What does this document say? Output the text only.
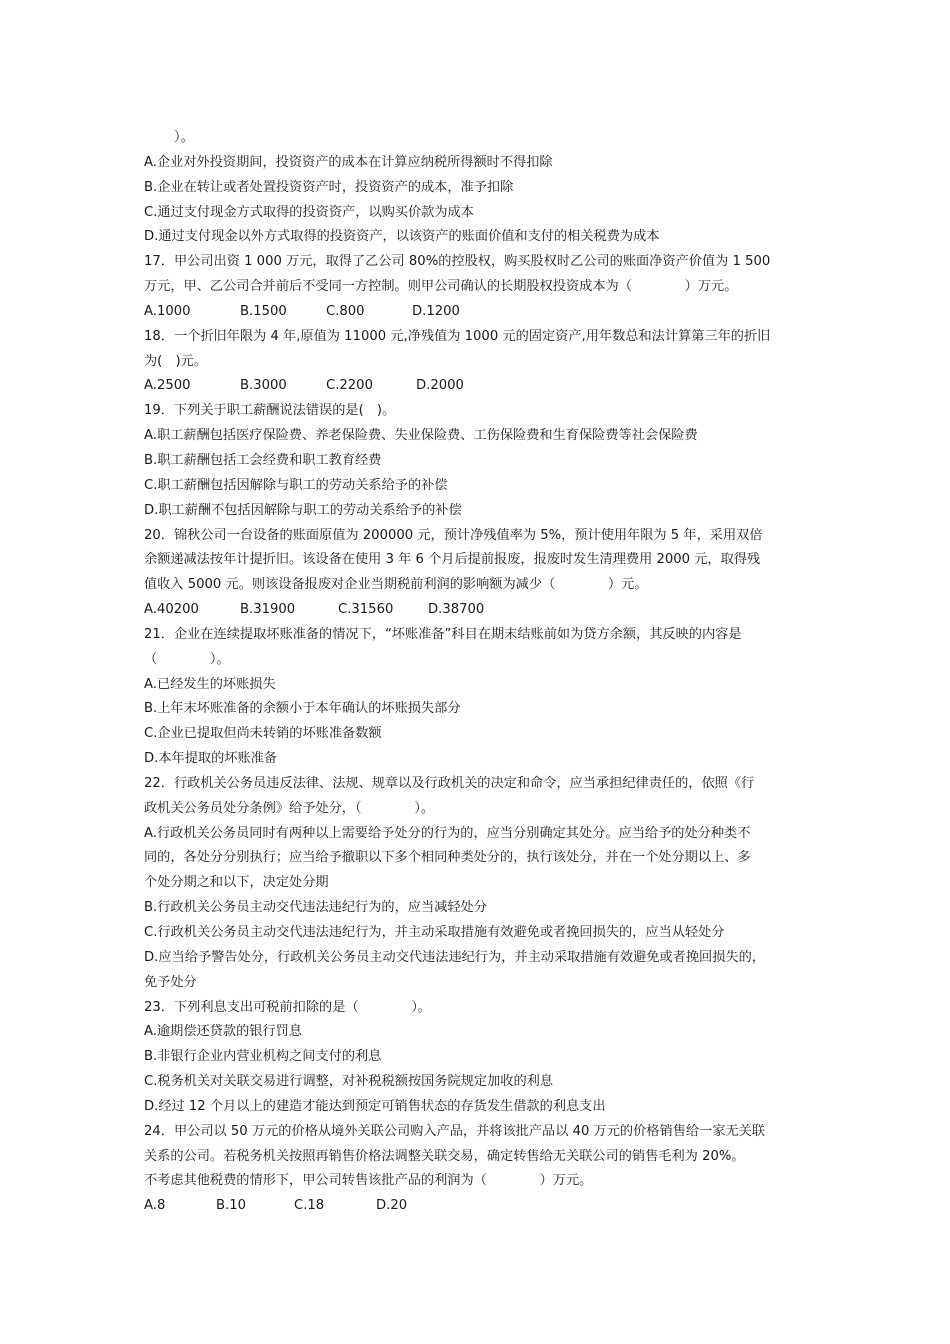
）。
A.企业对外投资期间，投资资产的成本在计算应纳税所得额时不得扣除
B.企业在转让或者处置投资资产时，投资资产的成本，准予扣除
C.通过支付现金方式取得的投资资产，以购买价款为成本
D.通过支付现金以外方式取得的投资资产，以该资产的账面价值和支付的相关税费为成本
17．甲公司出资 1 000 万元，取得了乙公司 80%的控股权，购买股权时乙公司的账面净资产价值为 1 500
万元，甲、乙公司合并前后不受同一方控制。则甲公司确认的长期股权投资成本为（　　　　）万元。
A.1000	B.1500	C.800	D.1200
18．一个折旧年限为 4 年,原值为 11000 元,净残值为 1000 元的固定资产,用年数总和法计算第三年的折旧
为(　)元。
A.2500	B.3000	C.2200	D.2000
19．下列关于职工薪酬说法错误的是(　)。
A.职工薪酬包括医疗保险费、养老保险费、失业保险费、工伤保险费和生育保险费等社会保险费
B.职工薪酬包括工会经费和职工教育经费
C.职工薪酬包括因解除与职工的劳动关系给予的补偿
D.职工薪酬不包括因解除与职工的劳动关系给予的补偿
20．锦秋公司一台设备的账面原值为 200000 元，预计净残值率为 5%，预计使用年限为 5 年，采用双倍
余额递减法按年计提折旧。该设备在使用 3 年 6 个月后提前报废，报废时发生清理费用 2000 元，取得残
值收入 5000 元。则该设备报废对企业当期税前利润的影响额为减少（　　　　）元。
A.40200	B.31900	C.31560	D.38700
21．企业在连续提取坏账准备的情况下，“坏账准备”科目在期末结账前如为贷方余额，其反映的内容是
（　　　　）。
A.已经发生的坏账损失
B.上年末坏账准备的余额小于本年确认的坏账损失部分
C.企业已提取但尚未转销的坏账准备数额
D.本年提取的坏账准备
22．行政机关公务员违反法律、法规、规章以及行政机关的决定和命令，应当承担纪律责任的，依照《行
政机关公务员处分条例》给予处分，（　　　　）。
A.行政机关公务员同时有两种以上需要给予处分的行为的，应当分别确定其处分。应当给予的处分种类不
同的，各处分分别执行；应当给予撤职以下多个相同种类处分的，执行该处分，并在一个处分期以上、多
个处分期之和以下，决定处分期
B.行政机关公务员主动交代违法违纪行为的，应当减轻处分
C.行政机关公务员主动交代违法违纪行为，并主动采取措施有效避免或者挽回损失的，应当从轻处分
D.应当给予警告处分，行政机关公务员主动交代违法违纪行为，并主动采取措施有效避免或者挽回损失的，
免予处分
23．下列利息支出可税前扣除的是（　　　　）。
A.逾期偿还贷款的银行罚息
B.非银行企业内营业机构之间支付的利息
C.税务机关对关联交易进行调整，对补税税额按国务院规定加收的利息
D.经过 12 个月以上的建造才能达到预定可销售状态的存货发生借款的利息支出
24．甲公司以 50 万元的价格从境外关联公司购入产品，并将该批产品以 40 万元的价格销售给一家无关联
关系的公司。若税务机关按照再销售价格法调整关联交易，确定转售给无关联公司的销售毛利为 20%。
不考虑其他税费的情形下，甲公司转售该批产品的利润为（　　　　）万元。
A.8	B.10	C.18	D.20
